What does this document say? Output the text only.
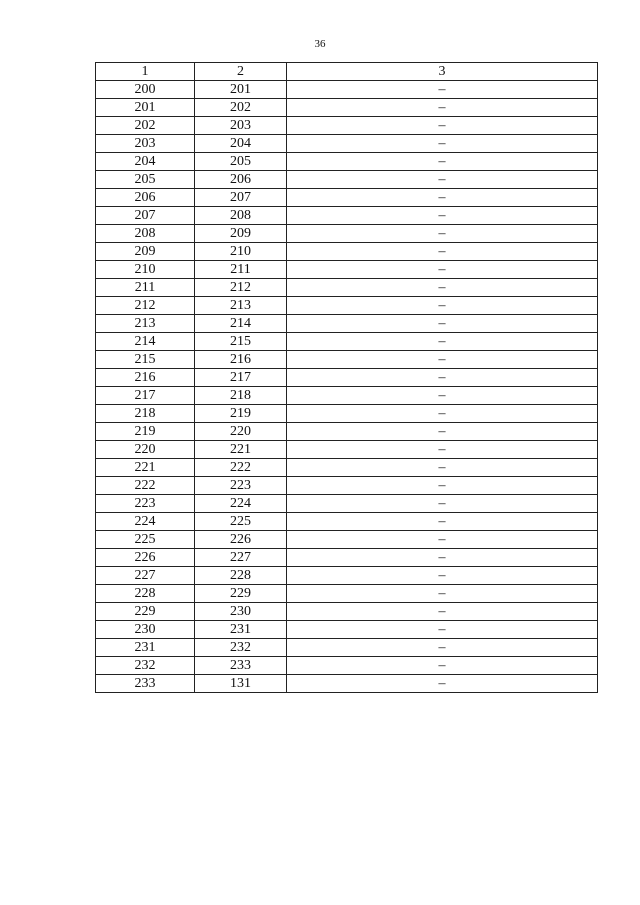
36
1	2	3
200	201	–
201	202	–
202	203	–
203	204	–
204	205	–
205	206	–
206	207	–
207	208	–
208	209	–
209	210	–
210	211	–
211	212	–
212	213	–
213	214	–
214	215	–
215	216	–
216	217	–
217	218	–
218	219	–
219	220	–
220	221	–
221	222	–
222	223	–
223	224	–
224	225	–
225	226	–
226	227	–
227	228	–
228	229	–
229	230	–
230	231	–
231	232	–
232	233	–
233	131	–
